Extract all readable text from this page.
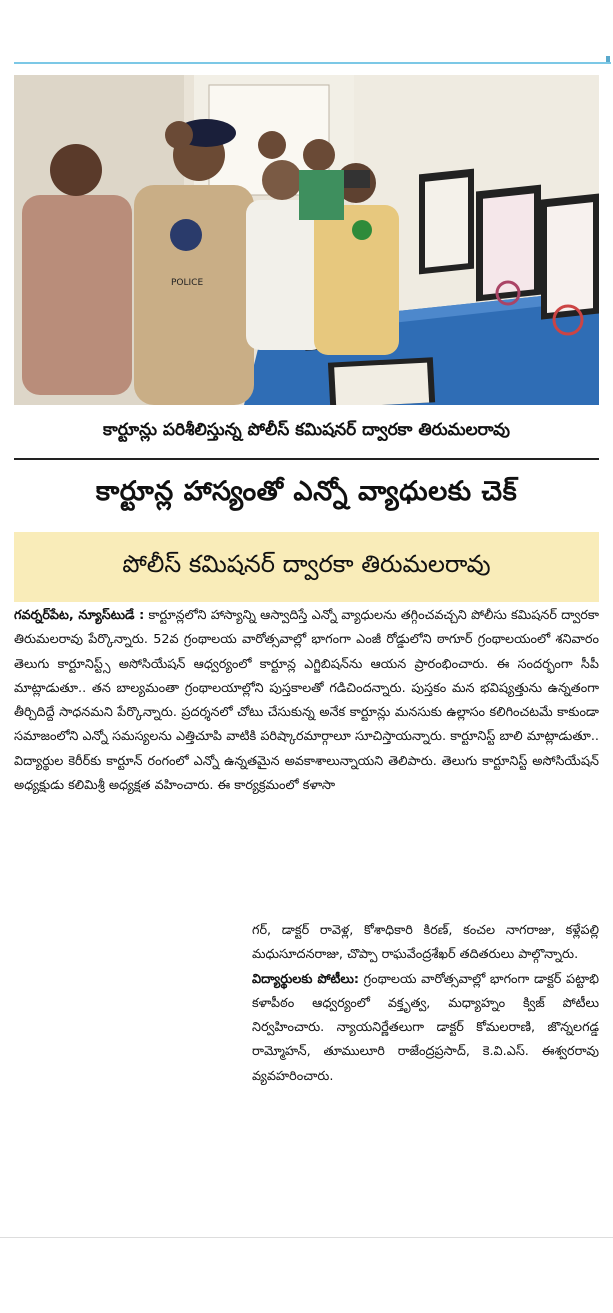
POLICE
కార్టూన్లు పరిశీలిస్తున్న పోలీస్ కమిషనర్ ద్వారకా తిరుమలరావు
కార్టూన్ల హాస్యంతో ఎన్నో వ్యాధులకు చెక్
పోలీస్ కమిషనర్ ద్వారకా తిరుమలరావు

గవర్నర్‌పేట, న్యూస్‌టుడే : కార్టూన్లలోని హాస్యాన్ని ఆస్వాదిస్తే ఎన్నో వ్యాధులను తగ్గించవచ్చని పోలీసు కమిషనర్ ద్వారకా తిరుమలరావు పేర్కొన్నారు. 52వ గ్రంథాలయ వారోత్సవాల్లో భాగంగా ఎంజీ రోడ్డులోని ఠాగూర్ గ్రంథాలయంలో శనివారం తెలుగు కార్టూనిస్ట్స్ అసోసియేషన్ ఆధ్వర్యంలో కార్టూన్ల ఎగ్జిబిషన్‌ను ఆయన ప్రారంభించారు. ఈ సందర్భంగా సీపీ మాట్లాడుతూ.. తన బాల్యమంతా గ్రంథాలయాల్లోని పుస్తకాలతో గడిచిందన్నారు. పుస్తకం మన భవిష్యత్తును ఉన్నతంగా తీర్చిదిద్దే సాధనమని పేర్కొన్నారు. ప్రదర్శనలో చోటు చేసుకున్న అనేక కార్టూన్లు మనసుకు ఉల్లాసం కలిగించటమే కాకుండా సమాజంలోని ఎన్నో సమస్యలను ఎత్తిచూపి వాటికి పరిష్కారమార్గాలూ సూచిస్తాయన్నారు. కార్టూనిస్ట్ బాలి మాట్లాడుతూ.. విద్యార్థుల కెరీర్‌కు కార్టూన్ రంగంలో ఎన్నో ఉన్నతమైన అవకాశాలున్నాయని తెలిపారు. తెలుగు కార్టూనిస్ట్ అసోసియేషన్ అధ్యక్షుడు కలిమిశ్రీ అధ్యక్షత వహించారు. ఈ కార్యక్రమంలో కళాసా

గర్, డాక్టర్ రావెళ్ల, కోశాధికారి కిరణ్, కంచల నాగరాజు, కళ్లేపల్లి మధుసూదనరాజు, చొప్పా రాఘవేంద్రశేఖర్ తదితరులు పాల్గొన్నారు.

విద్యార్థులకు పోటీలు: గ్రంథాలయ వారోత్సవాల్లో భాగంగా డాక్టర్ పట్టాభి కళాపీఠం ఆధ్వర్యంలో వక్తృత్వ, మధ్యాహ్నం క్విజ్ పోటీలు నిర్వహించారు. న్యాయనిర్ణేతలుగా డాక్టర్ కోమలరాణి, జొన్నలగడ్డ రామ్మోహన్, తూములూరి రాజేంద్రప్రసాద్, కె.వి.ఎస్. ఈశ్వరరావు వ్యవహరించారు.
